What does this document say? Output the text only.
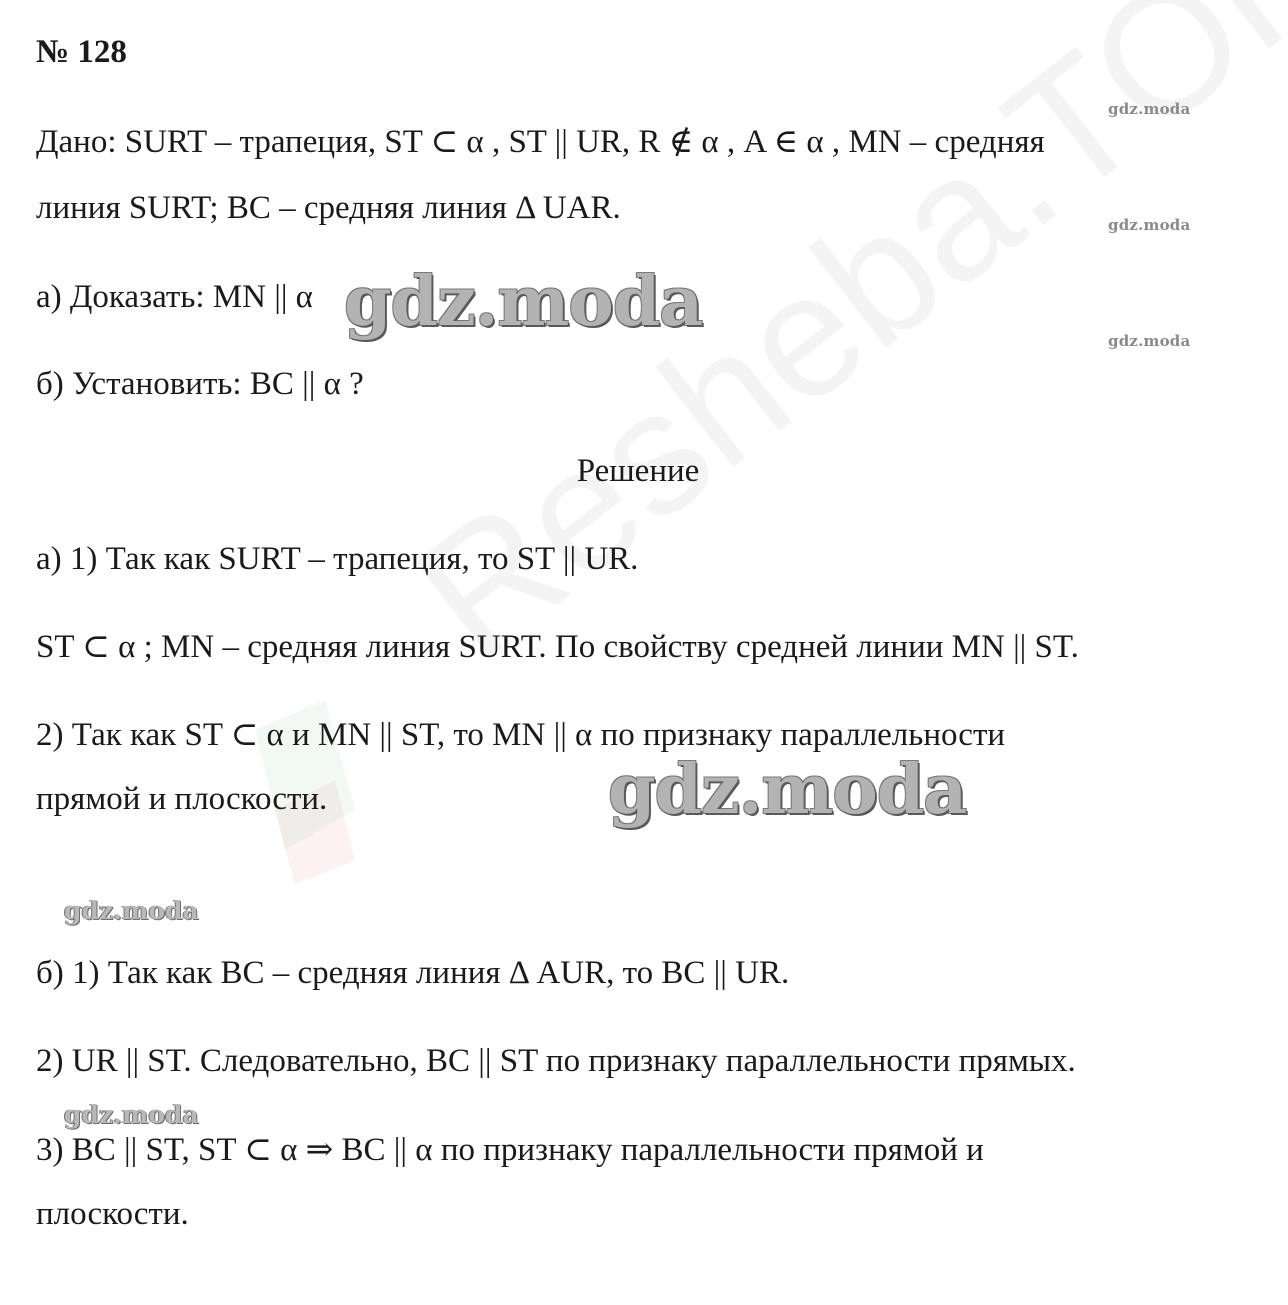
№ 128
Дано: SURT – трапеция, ST ⊂ α , ST || UR, R ∉ α , A ∈ α , MN – средняя
линия SURT; BC – средняя линия Δ UAR.
а) Доказать: MN || α
б) Установить: BC || α ?
Решение
а) 1) Так как SURT – трапеция, то ST || UR.
ST ⊂ α ; MN – средняя линия SURT. По свойству средней линии MN || ST.
2) Так как ST ⊂ α и MN || ST, то MN || α по признаку параллельности
прямой и плоскости.
б) 1) Так как BC – средняя линия Δ AUR, то BC || UR.
2) UR || ST. Следовательно, BC || ST по признаку параллельности прямых.
3) BC || ST, ST ⊂ α ⇒ BC || α по признаку параллельности прямой и
плоскости.
gdz.moda
gdz.moda
gdz.moda
gdz.moda
gdz.moda
gdz.moda
gdz.moda
